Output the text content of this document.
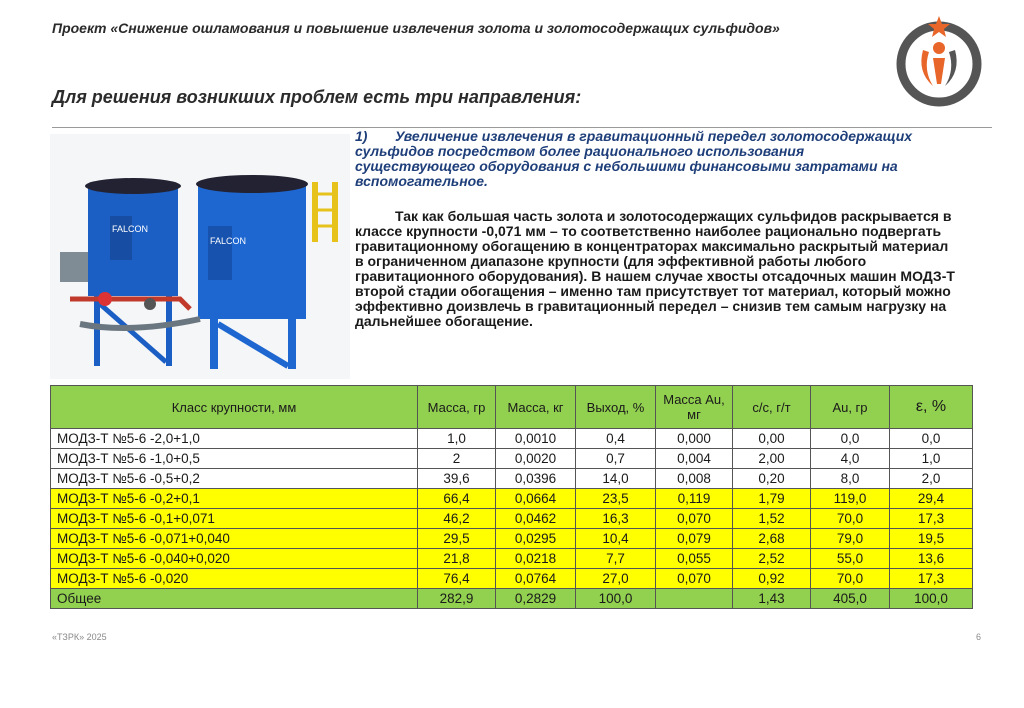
Проект «Снижение ошламования и повышение извлечения золота и золотосодержащих сульфидов»
Для решения возникших проблем есть три направления:
FALCON
FALCON
1) Увеличение извлечения в гравитационный передел золотосодержащих сульфидов посредством более рационального использования существующего оборудования с небольшими финансовыми затратами на вспомогательное.
Так как большая часть золота и золотосодержащих сульфидов раскрывается в классе крупности -0,071 мм – то соответственно наиболее рационально подвергать гравитационному обогащению в концентраторах максимально раскрытый материал в ограниченном диапазоне крупности (для эффективной работы любого гравитационного оборудования). В нашем случае хвосты отсадочных машин МОДЗ-Т второй стадии обогащения – именно там присутствует тот материал, который можно эффективно доизвлечь в гравитационный передел – снизив тем самым нагрузку на дальнейшее обогащение.
Класс крупности, мм	Масса, гр	Масса, кг	Выход, %	Масса Au, мг	с/с, г/т	Au, гр	ε, %
МОДЗ-Т №5-6 -2,0+1,0	1,0	0,0010	0,4	0,000	0,00	0,0	0,0
МОДЗ-Т №5-6 -1,0+0,5	2	0,0020	0,7	0,004	2,00	4,0	1,0
МОДЗ-Т №5-6 -0,5+0,2	39,6	0,0396	14,0	0,008	0,20	8,0	2,0
МОДЗ-Т №5-6 -0,2+0,1	66,4	0,0664	23,5	0,119	1,79	119,0	29,4
МОДЗ-Т №5-6 -0,1+0,071	46,2	0,0462	16,3	0,070	1,52	70,0	17,3
МОДЗ-Т №5-6 -0,071+0,040	29,5	0,0295	10,4	0,079	2,68	79,0	19,5
МОДЗ-Т №5-6 -0,040+0,020	21,8	0,0218	7,7	0,055	2,52	55,0	13,6
МОДЗ-Т №5-6 -0,020	76,4	0,0764	27,0	0,070	0,92	70,0	17,3
Общее	282,9	0,2829	100,0		1,43	405,0	100,0
«ТЗРК» 2025	6
